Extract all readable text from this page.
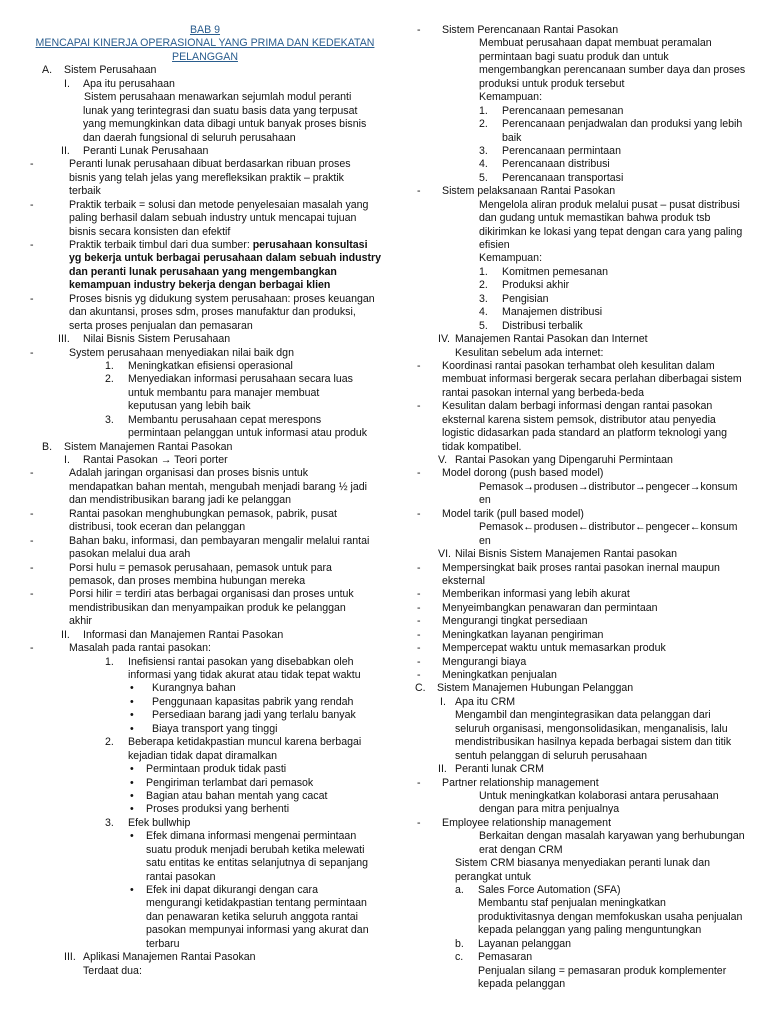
BAB 9
MENCAPAI KINERJA OPERASIONAL YANG PRIMA DAN KEDEKATAN
PELANGGAN
A. Sistem Perusahaan
I. Apa itu perusahaan
Sistem perusahaan menawarkan sejumlah modul peranti
lunak yang terintegrasi dan suatu basis data yang terpusat
yang memungkinkan data dibagi untuk banyak proses bisnis
dan daerah fungsional di seluruh perusahaan
II. Peranti Lunak Perusahaan
-	Peranti lunak perusahaan dibuat berdasarkan ribuan proses
bisnis yang telah jelas yang merefleksikan praktik – praktik
terbaik
-	Praktik terbaik = solusi dan metode penyelesaian masalah yang
paling berhasil dalam sebuah industry untuk mencapai tujuan
bisnis secara konsisten dan efektif
-	Praktik terbaik timbul dari dua sumber: perusahaan konsultasi
yg bekerja untuk berbagai perusahaan dalam sebuah industry
dan peranti lunak perusahaan yang mengembangkan
kemampuan industry bekerja dengan berbagai klien
-	Proses bisnis yg didukung system perusahaan: proses keuangan
dan akuntansi, proses sdm, proses manufaktur dan produksi,
serta proses penjualan dan pemasaran
III. Nilai Bisnis Sistem Perusahaan
-	System perusahaan menyediakan nilai baik dgn
1. Meningkatkan efisiensi operasional
2. Menyediakan informasi perusahaan secara luas
untuk membantu para manajer membuat
keputusan yang lebih baik
3. Membantu perusahaan cepat merespons
permintaan pelanggan untuk informasi atau produk
B. Sistem Manajemen Rantai Pasokan
I. Rantai Pasokan → Teori porter
-	Adalah jaringan organisasi dan proses bisnis untuk
mendapatkan bahan mentah, mengubah menjadi barang ½ jadi
dan mendistribusikan barang jadi ke pelanggan
-	Rantai pasokan menghubungkan pemasok, pabrik, pusat
distribusi, took eceran dan pelanggan
-	Bahan baku, informasi, dan pembayaran mengalir melalui rantai
pasokan melalui dua arah
-	Porsi hulu = pemasok perusahaan, pemasok untuk para
pemasok, dan proses membina hubungan mereka
-	Porsi hilir = terdiri atas berbagai organisasi dan proses untuk
mendistribusikan dan menyampaikan produk ke pelanggan
akhir
II. Informasi dan Manajemen Rantai Pasokan
-	Masalah pada rantai pasokan:
1. Inefisiensi rantai pasokan yang disebabkan oleh
informasi yang tidak akurat atau tidak tepat waktu
• Kurangnya bahan
• Penggunaan kapasitas pabrik yang rendah
• Persediaan barang jadi yang terlalu banyak
• Biaya transport yang tinggi
2. Beberapa ketidakpastian muncul karena berbagai
kejadian tidak dapat diramalkan
• Permintaan produk tidak pasti
• Pengiriman terlambat dari pemasok
• Bagian atau bahan mentah yang cacat
• Proses produksi yang berhenti
3. Efek bullwhip
• Efek dimana informasi mengenai permintaan
suatu produk menjadi berubah ketika melewati
satu entitas ke entitas selanjutnya di sepanjang
rantai pasokan
• Efek ini dapat dikurangi dengan cara
mengurangi ketidakpastian tentang permintaan
dan penawaran ketika seluruh anggota rantai
pasokan mempunyai informasi yang akurat dan
terbaru
III. Aplikasi Manajemen Rantai Pasokan
Terdaat dua:
- Sistem Perencanaan Rantai Pasokan
Membuat perusahaan dapat membuat peramalan
permintaan bagi suatu produk dan untuk
mengembangkan perencanaan sumber daya dan proses
produksi untuk produk tersebut
Kemampuan:
1. Perencanaan pemesanan
2. Perencanaan penjadwalan dan produksi yang lebih
baik
3. Perencanaan permintaan
4. Perencanaan distribusi
5. Perencanaan transportasi
- Sistem pelaksanaan Rantai Pasokan
Mengelola aliran produk melalui pusat – pusat distribusi
dan gudang untuk memastikan bahwa produk tsb
dikirimkan ke lokasi yang tepat dengan cara yang paling
efisien
Kemampuan:
1. Komitmen pemesanan
2. Produksi akhir
3. Pengisian
4. Manajemen distribusi
5. Distribusi terbalik
IV. Manajemen Rantai Pasokan dan Internet
Kesulitan sebelum ada internet:
- Koordinasi rantai pasokan terhambat oleh kesulitan dalam
membuat informasi bergerak secara perlahan diberbagai sistem
rantai pasokan internal yang berbeda-beda
- Kesulitan dalam berbagi informasi dengan rantai pasokan
eksternal karena sistem pemsok, distributor atau penyedia
logistic didasarkan pada standard an platform teknologi yang
tidak kompatibel.
V. Rantai Pasokan yang Dipengaruhi Permintaan
- Model dorong (push based model)
Pemasok→produsen→distributor→pengecer→konsum
en
- Model tarik (pull based model)
Pemasok←produsen←distributor←pengecer←konsum
en
VI. Nilai Bisnis Sistem Manajemen Rantai pasokan
- Mempersingkat baik proses rantai pasokan inernal maupun
eksternal
- Memberikan informasi yang lebih akurat
- Menyeimbangkan penawaran dan permintaan
- Mengurangi tingkat persediaan
- Meningkatkan layanan pengiriman
- Mempercepat waktu untuk memasarkan produk
- Mengurangi biaya
- Meningkatkan penjualan
C. Sistem Manajemen Hubungan Pelanggan
I. Apa itu CRM
Mengambil dan mengintegrasikan data pelanggan dari
seluruh organisasi, mengonsolidasikan, menganalisis, lalu
mendistribusikan hasilnya kepada berbagai sistem dan titik
sentuh pelanggan di seluruh perusahaan
II. Peranti lunak CRM
- Partner relationship management
Untuk meningkatkan kolaborasi antara perusahaan
dengan para mitra penjualnya
- Employee relationship management
Berkaitan dengan masalah karyawan yang berhubungan
erat dengan CRM
Sistem CRM biasanya menyediakan peranti lunak dan
perangkat untuk
a. Sales Force Automation (SFA)
Membantu staf penjualan meningkatkan
produktivitasnya dengan memfokuskan usaha penjualan
kepada pelanggan yang paling menguntungkan
b. Layanan pelanggan
c. Pemasaran
Penjualan silang = pemasaran produk komplementer
kepada pelanggan
